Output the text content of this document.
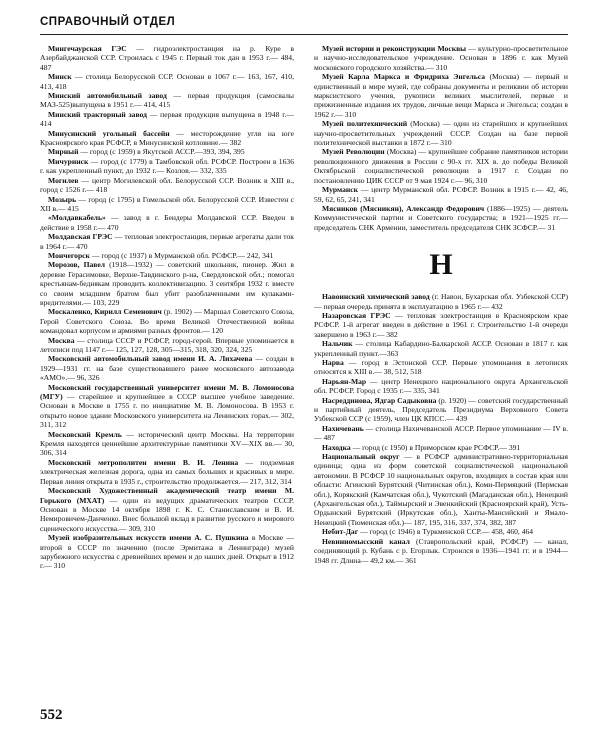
СПРАВОЧНЫЙ ОТДЕЛ

Мингечаурская ГЭС — гидроэлектростанция на р. Куре в Азербайджанской ССР. Строилась с 1945 г. Первый ток дан в 1953 г.— 484, 487

Минск — столица Белорусской ССР. Основан в 1067 г.— 163, 167, 410, 413, 418

Минский автомобильный завод — первая продукция (самосвалы МАЗ-525)выпущена в 1951 г.— 414, 415

Минский тракторный завод — первая продукция выпущена в 1948 г.— 414

Минусинский угольный бассейн — месторождение угля на юге Красноярского края РСФСР, в Минусинской котловине.— 382

Мирный — город (с 1959) в Якутской АССР.—393, 394, 395

Мичуринск — город (с 1779) в Тамбовской обл. РСФСР. Построен в 1636 г. как укрепленный пункт, до 1932 г.— Козлов.— 332, 335

Могилев — центр Могилевской обл. Белорусской ССР. Возник в XIII в., город с 1526 г.— 418

Мозырь — город (с 1795) в Гомельской обл. Белорусской ССР. Известен с XII в.— 415

«Молдавкабель» — завод в г. Бендеры Молдавской ССР. Введен в действие в 1958 г.— 470

Молдавская ГРЭС — тепловая электростанция, первые агрегаты дали ток в 1964 г.— 470

Мончегорск — город (с 1937) в Мурманской обл. РСФСР.— 242, 341

Морозов, Павел (1918—1932) — советский школьник, пионер. Жил в деревне Герасимовке, Верхне-Тавдинского р-на, Свердловской обл.; помогал крестьянам-беднякам проводить коллективизацию. 3 сентября 1932 г. вместе со своим младшим братом был убит разоблаченными им кулаками-вредителями.— 103, 229

Москаленко, Кирилл Семенович (р. 1902) — Маршал Советского Союза, Герой Советского Союза. Во время Великой Отечественной войны командовал корпусом и армиями разных фронтов.— 120

Москва — столица СССР и РСФСР, город-герой. Впервые упоминается в летописи под 1147 г.— 125, 127, 128, 305—315, 318, 320, 324, 325

Московский автомобильный завод имени И. А. Лихачева — создан в 1929—1931 гг. на базе существовавшего ранее московского автозавода «АМО».— 96, 326

Московский государственный университет имени М. В. Ломоносова (МГУ) — старейшее и крупнейшее в СССР высшее учебное заведение. Основан в Москве в 1755 г. по инициативе М. В. Ломоносова. В 1953 г. открыто новое здание Московского университета на Ленинских горах.— 302, 311, 312

Московский Кремль — исторический центр Москвы. На территории Кремля находятся ценнейшие архитектурные памятники XV—XIX вв.— 30, 306, 314

Московский метрополитен имени В. И. Ленина — подземная электрическая железная дорога, одна из самых больших и красивых в мире. Первая линия открыта в 1935 г., строительство продолжается.— 217, 312, 314

Московский Художественный академический театр имени М. Горького (МХАТ) — один из ведущих драматических театров СССР. Основан в Москве 14 октября 1898 г. К. С. Станиславским и В. И. Немировичем-Данченко. Внес большой вклад в развитие русского и мирового сценического искусства.— 309, 310

Музей изобразительных искусств имени А. С. Пушкина в Москве — второй в СССР по значению (после Эрмитажа в Ленинграде) музей зарубежного искусства с древнейших времен и до наших дней. Открыт в 1912 г.— 310

Музей истории и реконструкции Москвы — культурно-просветительное и научно-исследовательское учреждение. Основан в 1896 г. как Музей московского городского хозяйства.— 310

Музей Карла Маркса и Фридриха Энгельса (Москва) — первый и единственный в мире музей, где собраны документы и реликвии об истории марксистского учения, рукописи великих мыслителей, первые и прижизненные издания их трудов, личные вещи Маркса и Энгельса; создан в 1962 г.— 310

Музей политехнический (Москва) — один из старейших и крупнейших научно-просветительных учреждений СССР. Создан на базе первой политехнической выставки в 1872 г.— 310

Музей Революции (Москва) — крупнейшее собрание памятников истории революционного движения в России с 90-х гг. XIX в. до победы Великой Октябрьской социалистической революции в 1917 г. Создан по постановлению ЦИК СССР от 9 мая 1924 г.— 96, 310

Мурманск — центр Мурманской обл. РСФСР. Возник в 1915 г.— 42, 46, 59, 62, 65, 241, 341

Мясников (Мясникян), Александр Федорович (1886—1925) — деятель Коммунистической партии и Советского государства; в 1921—1925 гг.— председатель СНК Армении, заместитель председателя СНК ЗСФСР.— 31

Н

Навоинский химический завод (г. Навои, Бухарская обл. Узбекской ССР) — первая очередь принята в эксплуатацию в 1965 г.— 432

Назаровская ГРЭС — тепловая электростанция в Красноярском крае РСФСР. 1-й агрегат введен в действие в 1961 г. Строительство 1-й очереди завершено в 1963 г.— 382

Нальчик — столица Кабардино-Балкарской АССР. Основан в 1817 г. как укрепленный пункт.—363

Нарва — город в Эстонской ССР. Первые упоминания в летописях относятся к XIII в.— 38, 512, 518

Нарьян-Мар — центр Ненецкого национального округа Архангельской обл. РСФСР. Город с 1935 г.— 335, 341

Насреддинова, Ядгар Садыковна (р. 1920) — советский государственный и партийный деятель, Председатель Президиума Верховного Совета Узбекской ССР (с 1959), член ЦК КПСС.— 439

Нахичевань — столица Нахичеванской АССР. Первое упоминание — IV в.— 487

Находка — город (с 1950) в Приморском крае РСФСР.— 391

Национальный округ — в РСФСР административно-территориальная единица; одна из форм советской социалистической национальной автономии. В РСФСР 10 национальных округов, входящих в состав края или области: Агинский Бурятский (Читинская обл.), Коми-Пермяцкий (Пермская обл.), Корякский (Камчатская обл.), Чукотский (Магаданская обл.), Ненецкий (Архангельская обл.), Таймырский и Эвенкийский (Красноярский край), Усть-Ордынский Бурятский (Иркутская обл.), Ханты-Мансийский и Ямало-Ненецкий (Тюменская обл.)— 187, 195, 316, 337, 374, 382, 387

Небит-Даг — город (с 1946) в Туркменской ССР.— 458, 460, 464

Невинномысский канал (Ставропольский край, РСФСР) — канал, соединяющий р. Кубань с р. Егорлык. Строился в 1936—1941 гг. и в 1944—1948 гг. Длина— 49,2 км.— 361

552
